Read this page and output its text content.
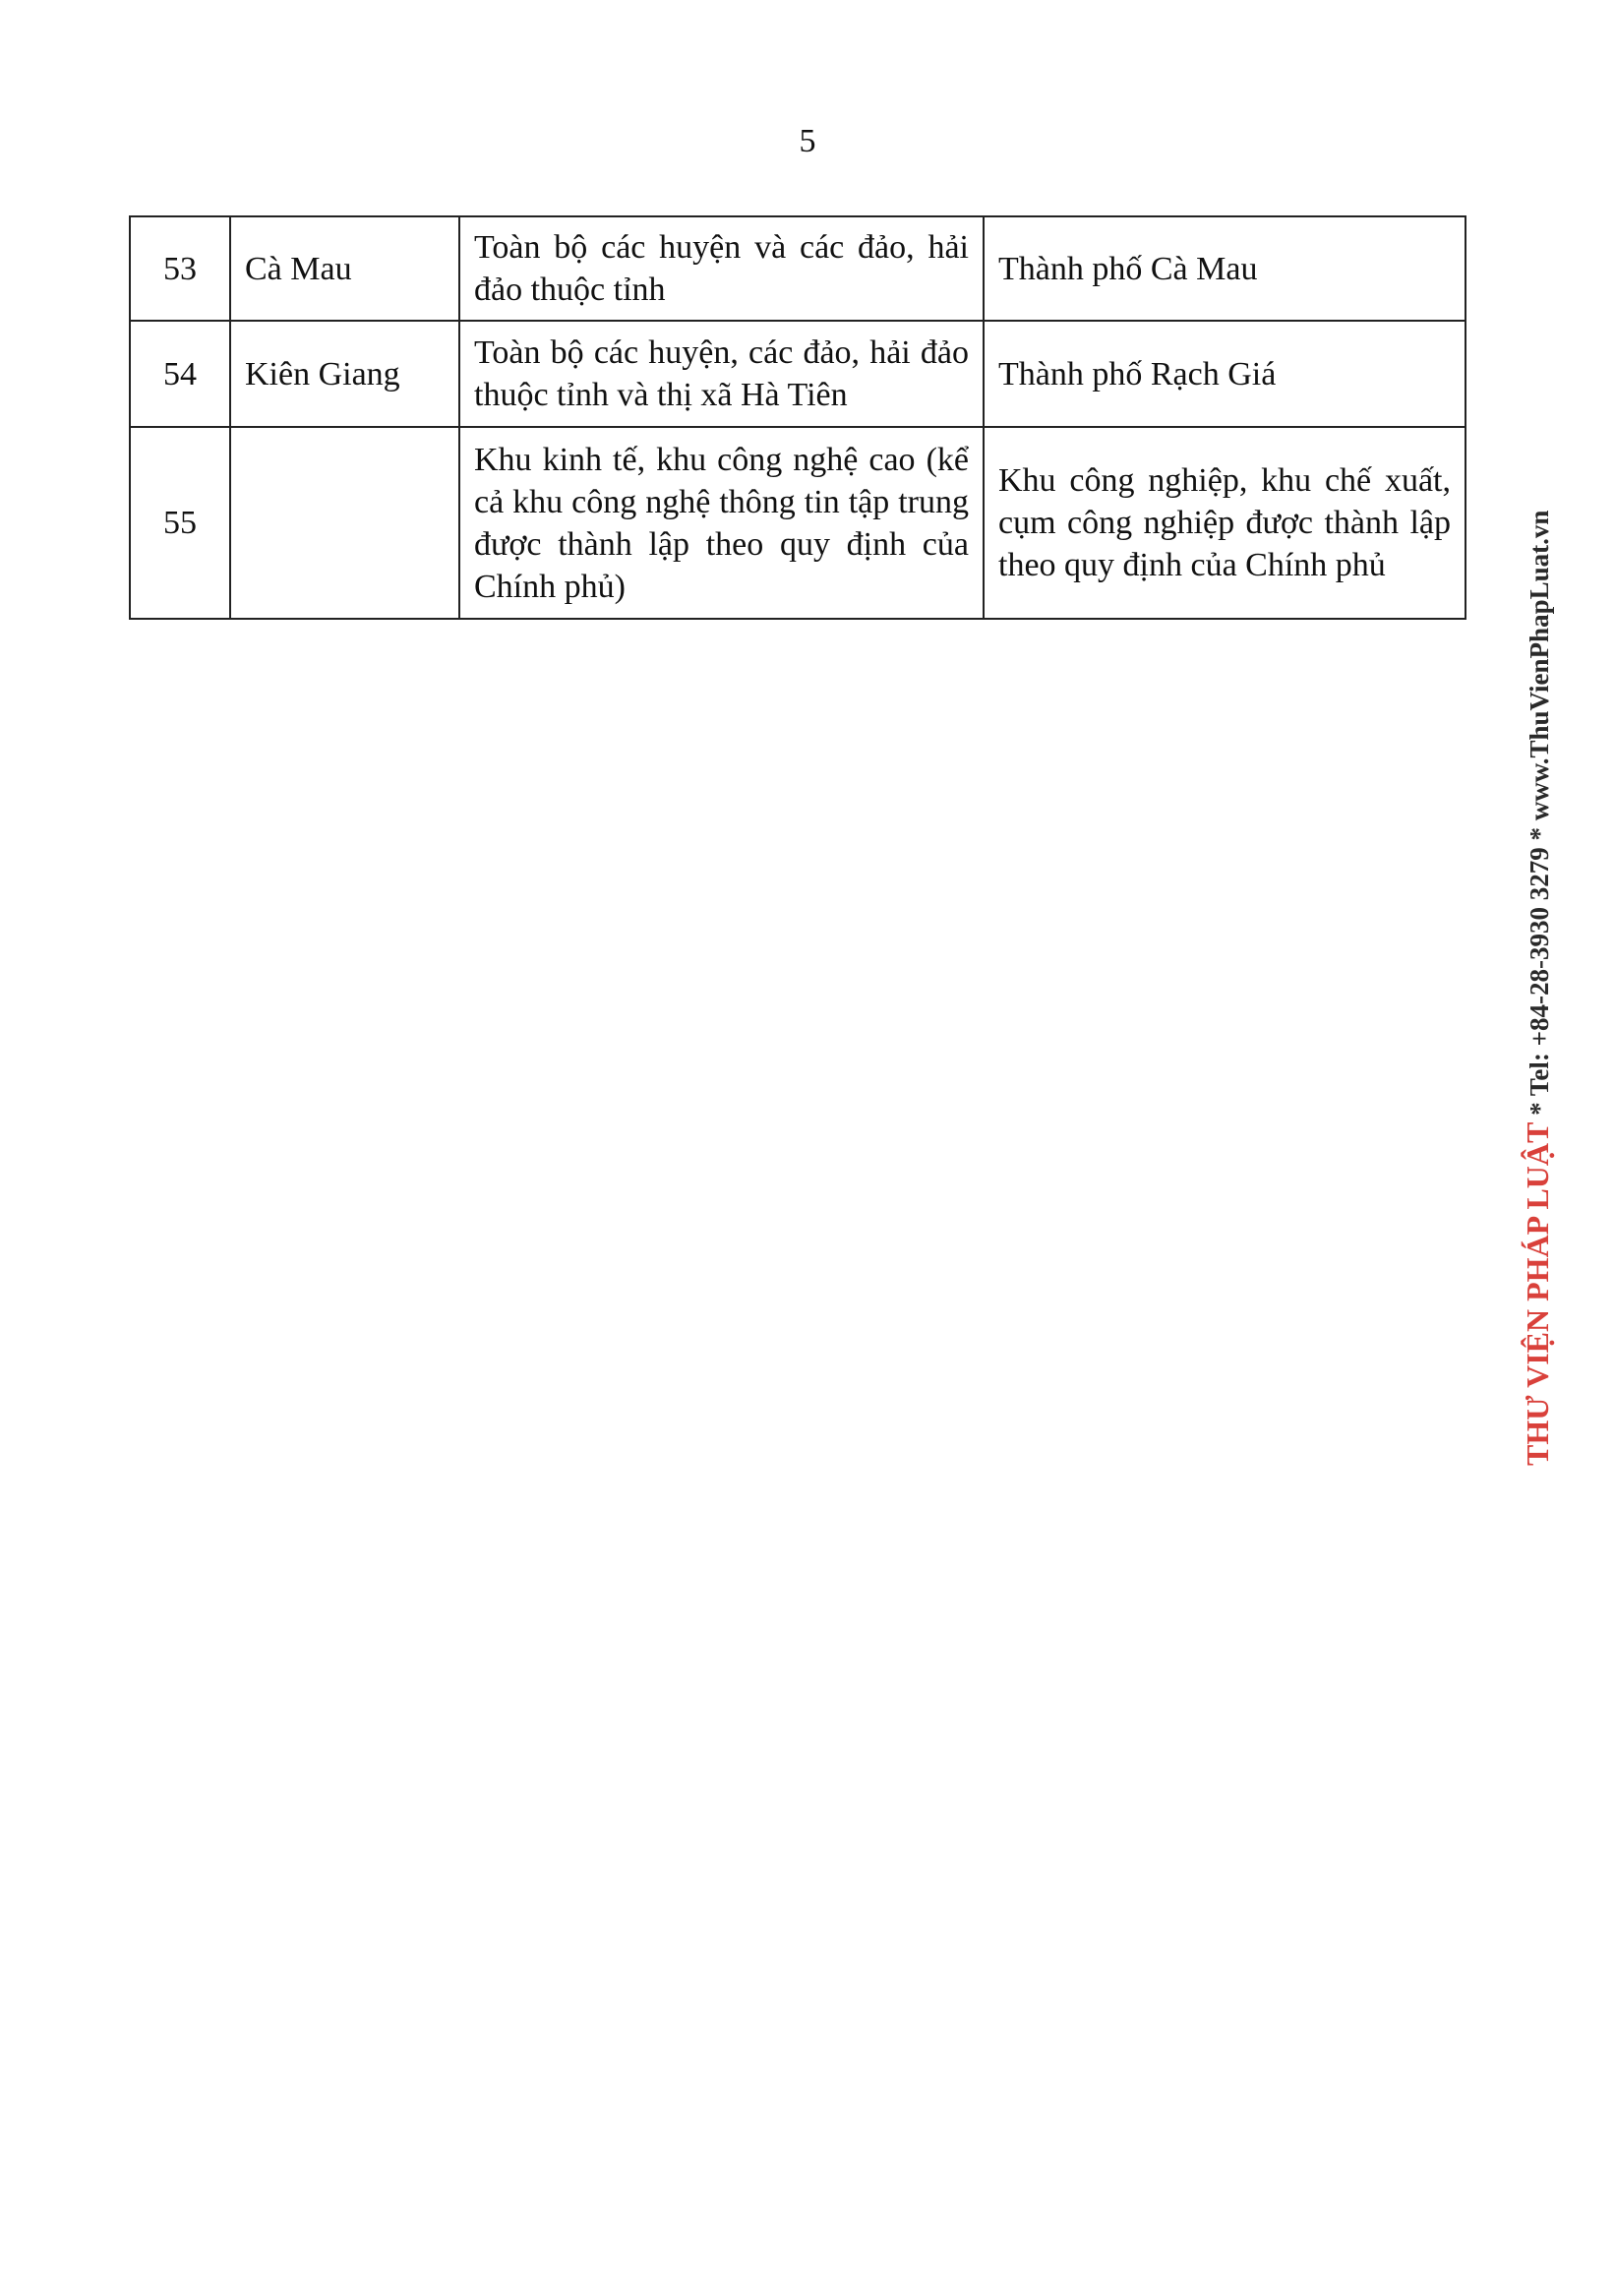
5
53	Cà Mau	Toàn bộ các huyện và các đảo, hải đảo thuộc tỉnh	Thành phố Cà Mau
54	Kiên Giang	Toàn bộ các huyện, các đảo, hải đảo thuộc tỉnh và thị xã Hà Tiên	Thành phố Rạch Giá
55		Khu kinh tế, khu công nghệ cao (kể cả khu công nghệ thông tin tập trung được thành lập theo quy định của Chính phủ)	Khu công nghiệp, khu chế xuất, cụm công nghiệp được thành lập theo quy định của Chính phủ
THƯ VIỆN PHÁP LUẬT * Tel: +84-28-3930 3279 * www.ThuVienPhapLuat.vn
